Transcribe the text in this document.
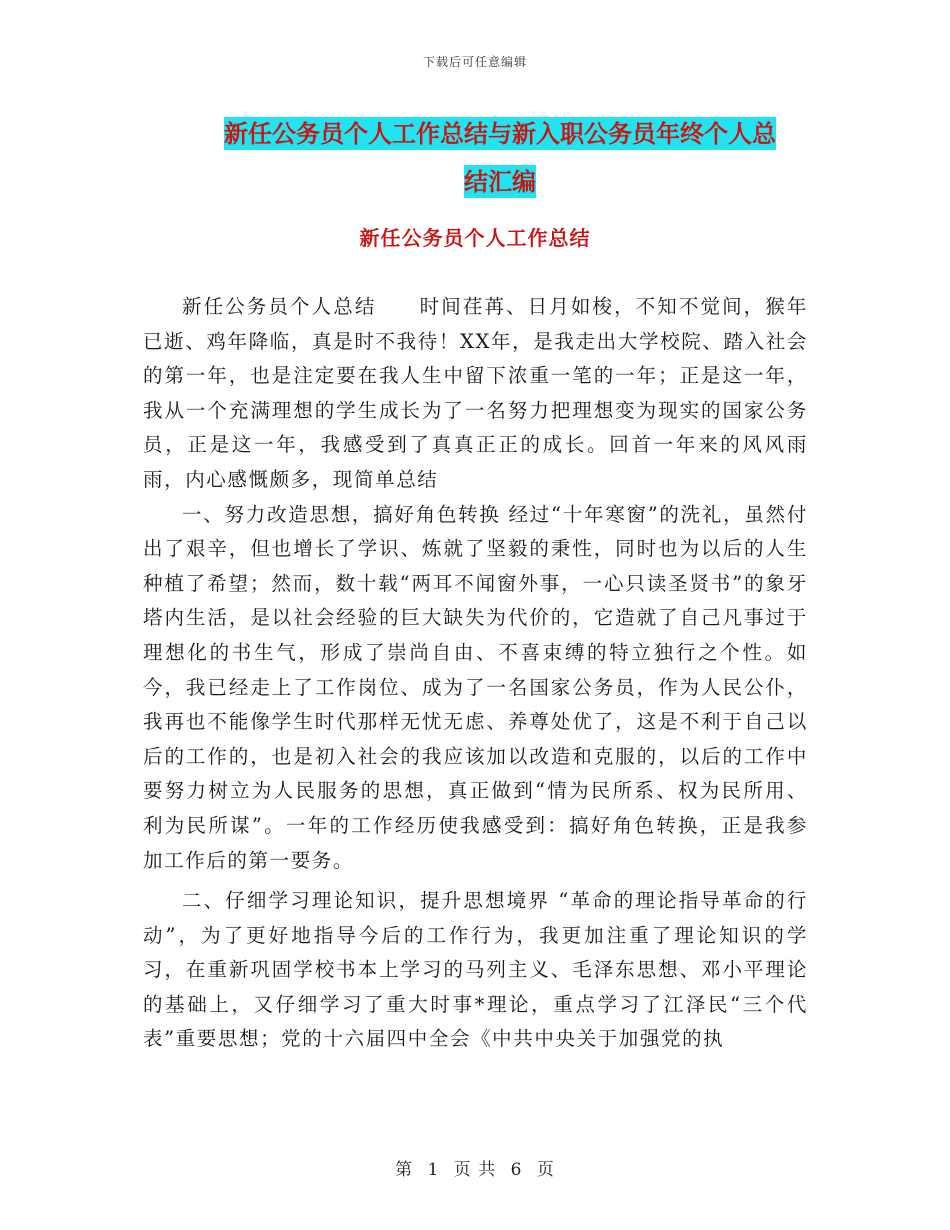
下载后可任意编辑
新任公务员个人工作总结与新入职公务员年终个人总
结汇编
新任公务员个人工作总结

新任公务员个人总结　　时间荏苒、日月如梭，不知不觉间，猴年已逝、鸡年降临，真是时不我待！XX年，是我走出大学校院、踏入社会的第一年，也是注定要在我人生中留下浓重一笔的一年；正是这一年，我从一个充满理想的学生成长为了一名努力把理想变为现实的国家公务员，正是这一年，我感受到了真真正正的成长。回首一年来的风风雨雨，内心感慨颇多，现简单总结

一、努力改造思想，搞好角色转换 经过“十年寒窗”的洗礼，虽然付出了艰辛，但也增长了学识、炼就了坚毅的秉性，同时也为以后的人生种植了希望；然而，数十载“两耳不闻窗外事，一心只读圣贤书”的象牙塔内生活，是以社会经验的巨大缺失为代价的，它造就了自己凡事过于理想化的书生气，形成了崇尚自由、不喜束缚的特立独行之个性。如今，我已经走上了工作岗位、成为了一名国家公务员，作为人民公仆，我再也不能像学生时代那样无忧无虑、养尊处优了，这是不利于自己以后的工作的，也是初入社会的我应该加以改造和克服的，以后的工作中要努力树立为人民服务的思想，真正做到“情为民所系、权为民所用、利为民所谋”。一年的工作经历使我感受到：搞好角色转换，正是我参加工作后的第一要务。

二、仔细学习理论知识，提升思想境界 “革命的理论指导革命的行动”，为了更好地指导今后的工作行为，我更加注重了理论知识的学习，在重新巩固学校书本上学习的马列主义、毛泽东思想、邓小平理论的基础上，又仔细学习了重大时事*理论，重点学习了江泽民“三个代表”重要思想；党的十六届四中全会《中共中央关于加强党的执

第 1 页 共 6 页
